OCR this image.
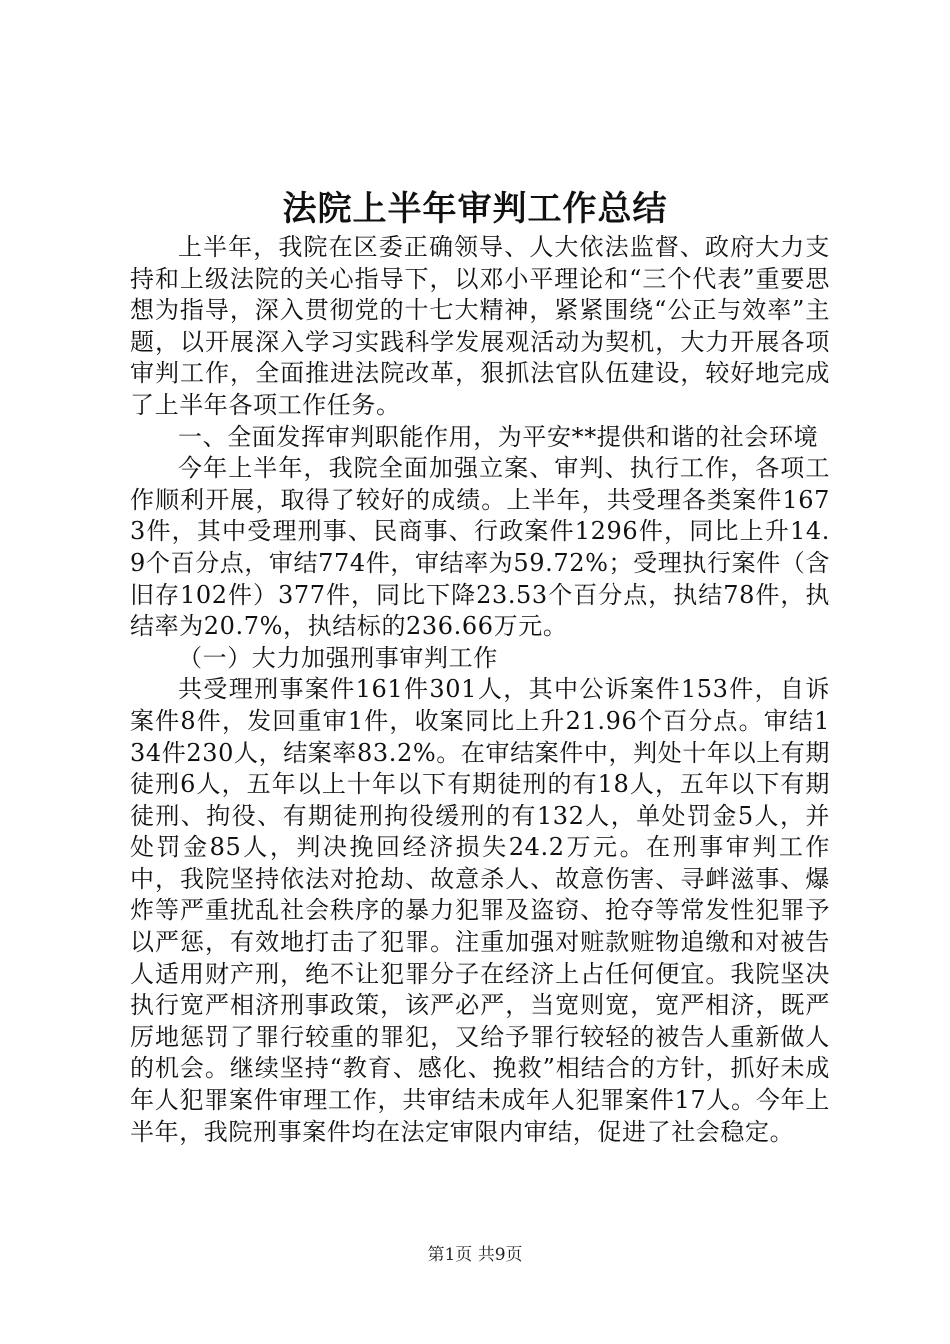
法院上半年审判工作总结

上半年，我院在区委正确领导、人大依法监督、政府大力支持和上级法院的关心指导下，以邓小平理论和“三个代表”重要思想为指导，深入贯彻党的十七大精神，紧紧围绕“公正与效率”主题，以开展深入学习实践科学发展观活动为契机，大力开展各项审判工作，全面推进法院改革，狠抓法官队伍建设，较好地完成了上半年各项工作任务。

一、全面发挥审判职能作用，为平安**提供和谐的社会环境

今年上半年，我院全面加强立案、审判、执行工作，各项工作顺利开展，取得了较好的成绩。上半年，共受理各类案件1673件，其中受理刑事、民商事、行政案件1296件，同比上升14.9个百分点，审结774件，审结率为59.72%；受理执行案件（含旧存102件）377件，同比下降23.53个百分点，执结78件，执结率为20.7%，执结标的236.66万元。

（一）大力加强刑事审判工作

共受理刑事案件161件301人，其中公诉案件153件，自诉案件8件，发回重审1件，收案同比上升21.96个百分点。审结134件230人，结案率83.2%。在审结案件中，判处十年以上有期徒刑6人，五年以上十年以下有期徒刑的有18人，五年以下有期徒刑、拘役、有期徒刑拘役缓刑的有132人，单处罚金5人，并处罚金85人，判决挽回经济损失24.2万元。在刑事审判工作中，我院坚持依法对抢劫、故意杀人、故意伤害、寻衅滋事、爆炸等严重扰乱社会秩序的暴力犯罪及盗窃、抢夺等常发性犯罪予以严惩，有效地打击了犯罪。注重加强对赃款赃物追缴和对被告人适用财产刑，绝不让犯罪分子在经济上占任何便宜。我院坚决执行宽严相济刑事政策，该严必严，当宽则宽，宽严相济，既严厉地惩罚了罪行较重的罪犯，又给予罪行较轻的被告人重新做人的机会。继续坚持“教育、感化、挽救”相结合的方针，抓好未成年人犯罪案件审理工作，共审结未成年人犯罪案件17人。今年上半年，我院刑事案件均在法定审限内审结，促进了社会稳定。

第1页 共9页
